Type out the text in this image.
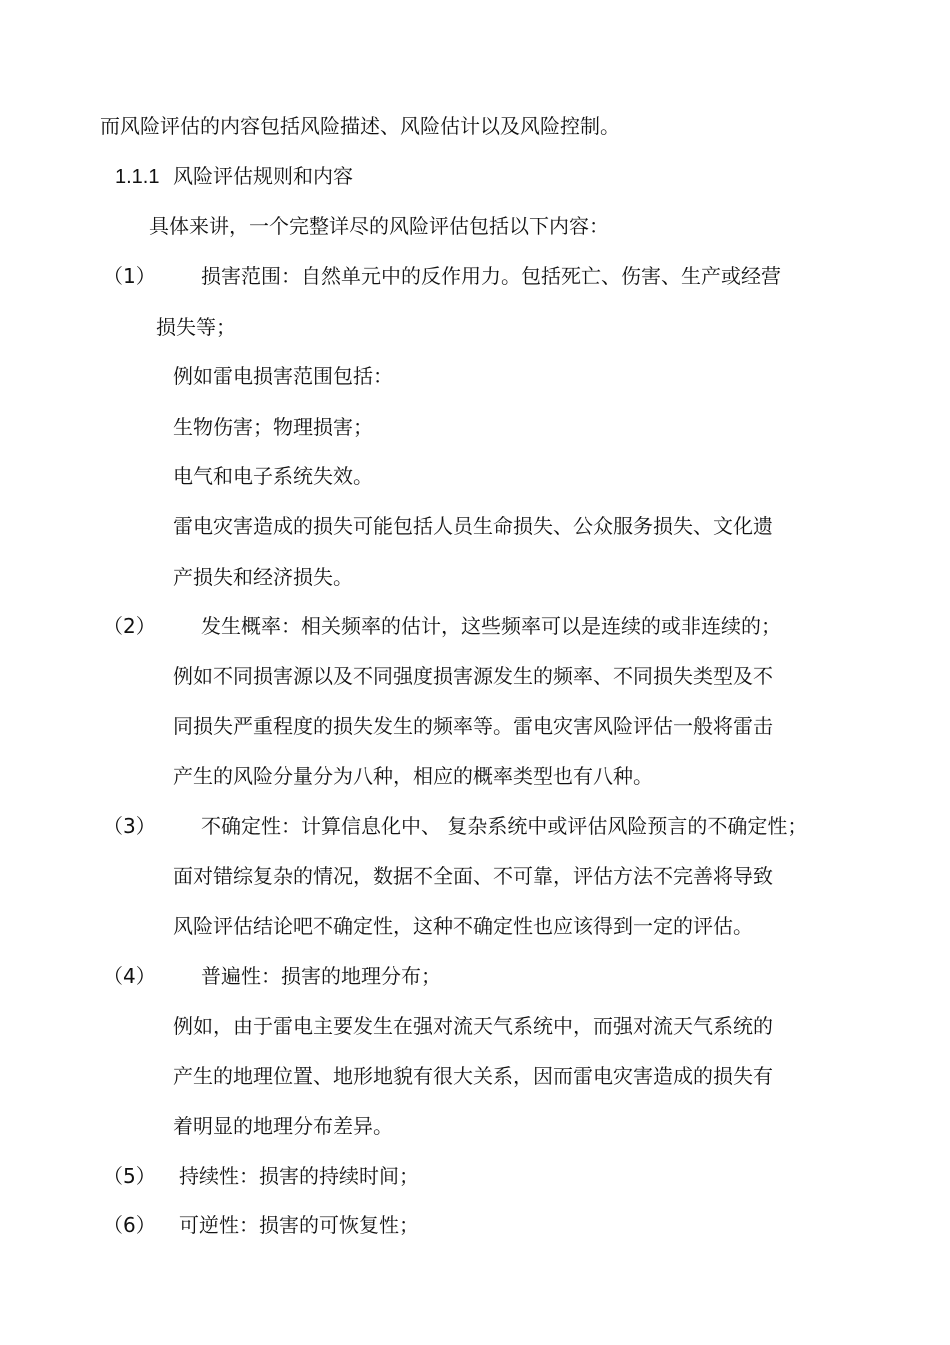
而风险评估的内容包括风险描述、风险估计以及风险控制。
1.1.1 风险评估规则和内容
具体来讲，一个完整详尽的风险评估包括以下内容：
（1） 损害范围：自然单元中的反作用力。包括死亡、伤害、生产或经营
损失等；
例如雷电损害范围包括：
生物伤害；物理损害；
电气和电子系统失效。
雷电灾害造成的损失可能包括人员生命损失、公众服务损失、文化遗
产损失和经济损失。
（2） 发生概率：相关频率的估计，这些频率可以是连续的或非连续的；
例如不同损害源以及不同强度损害源发生的频率、不同损失类型及不
同损失严重程度的损失发生的频率等。雷电灾害风险评估一般将雷击
产生的风险分量分为八种，相应的概率类型也有八种。
（3） 不确定性：计算信息化中、 复杂系统中或评估风险预言的不确定性；
面对错综复杂的情况，数据不全面、不可靠，评估方法不完善将导致
风险评估结论吧不确定性，这种不确定性也应该得到一定的评估。
（4） 普遍性：损害的地理分布；
例如，由于雷电主要发生在强对流天气系统中，而强对流天气系统的
产生的地理位置、地形地貌有很大关系，因而雷电灾害造成的损失有
着明显的地理分布差异。
（5） 持续性：损害的持续时间；
（6） 可逆性：损害的可恢复性；
